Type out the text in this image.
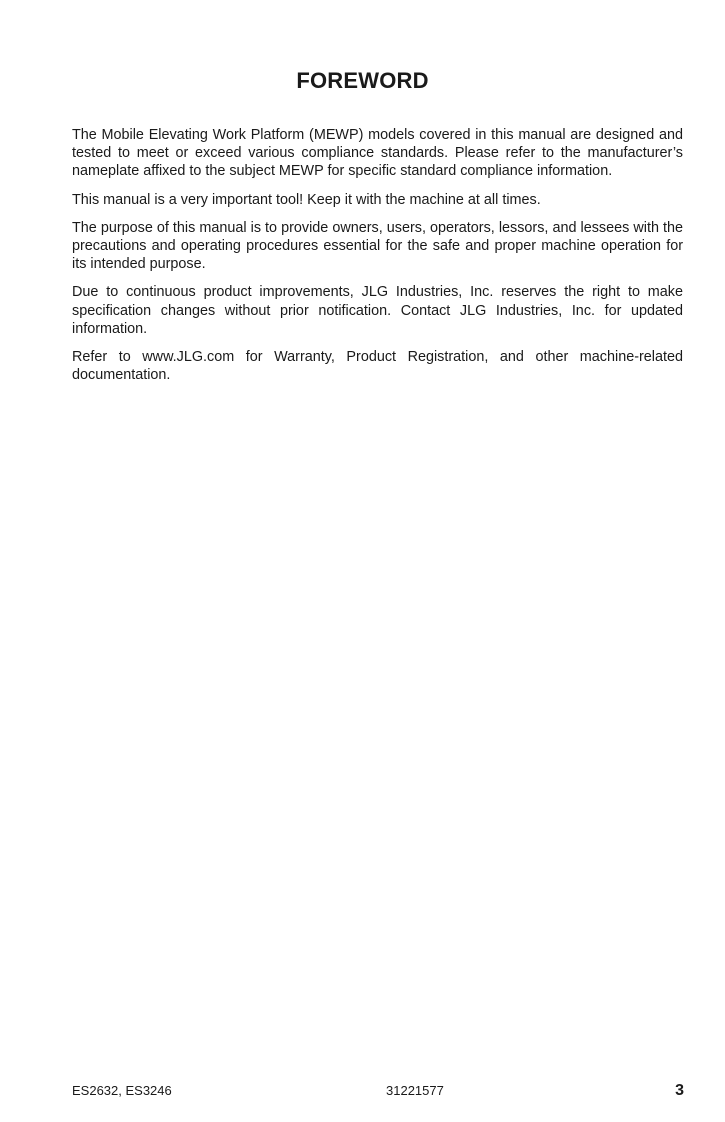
FOREWORD

The Mobile Elevating Work Platform (MEWP) models covered in this manual are designed and tested to meet or exceed various compliance standards. Please refer to the manufacturer’s nameplate affixed to the subject MEWP for specific standard compliance information.

This manual is a very important tool! Keep it with the machine at all times.

The purpose of this manual is to provide owners, users, operators, lessors, and lessees with the precautions and operating procedures essential for the safe and proper machine operation for its intended purpose.

Due to continuous product improvements, JLG Industries, Inc. reserves the right to make specification changes without prior notification. Contact JLG Industries, Inc. for updated information.

Refer to www.JLG.com for Warranty, Product Registration, and other machine-related documentation.

ES2632, ES3246	31221577	3
